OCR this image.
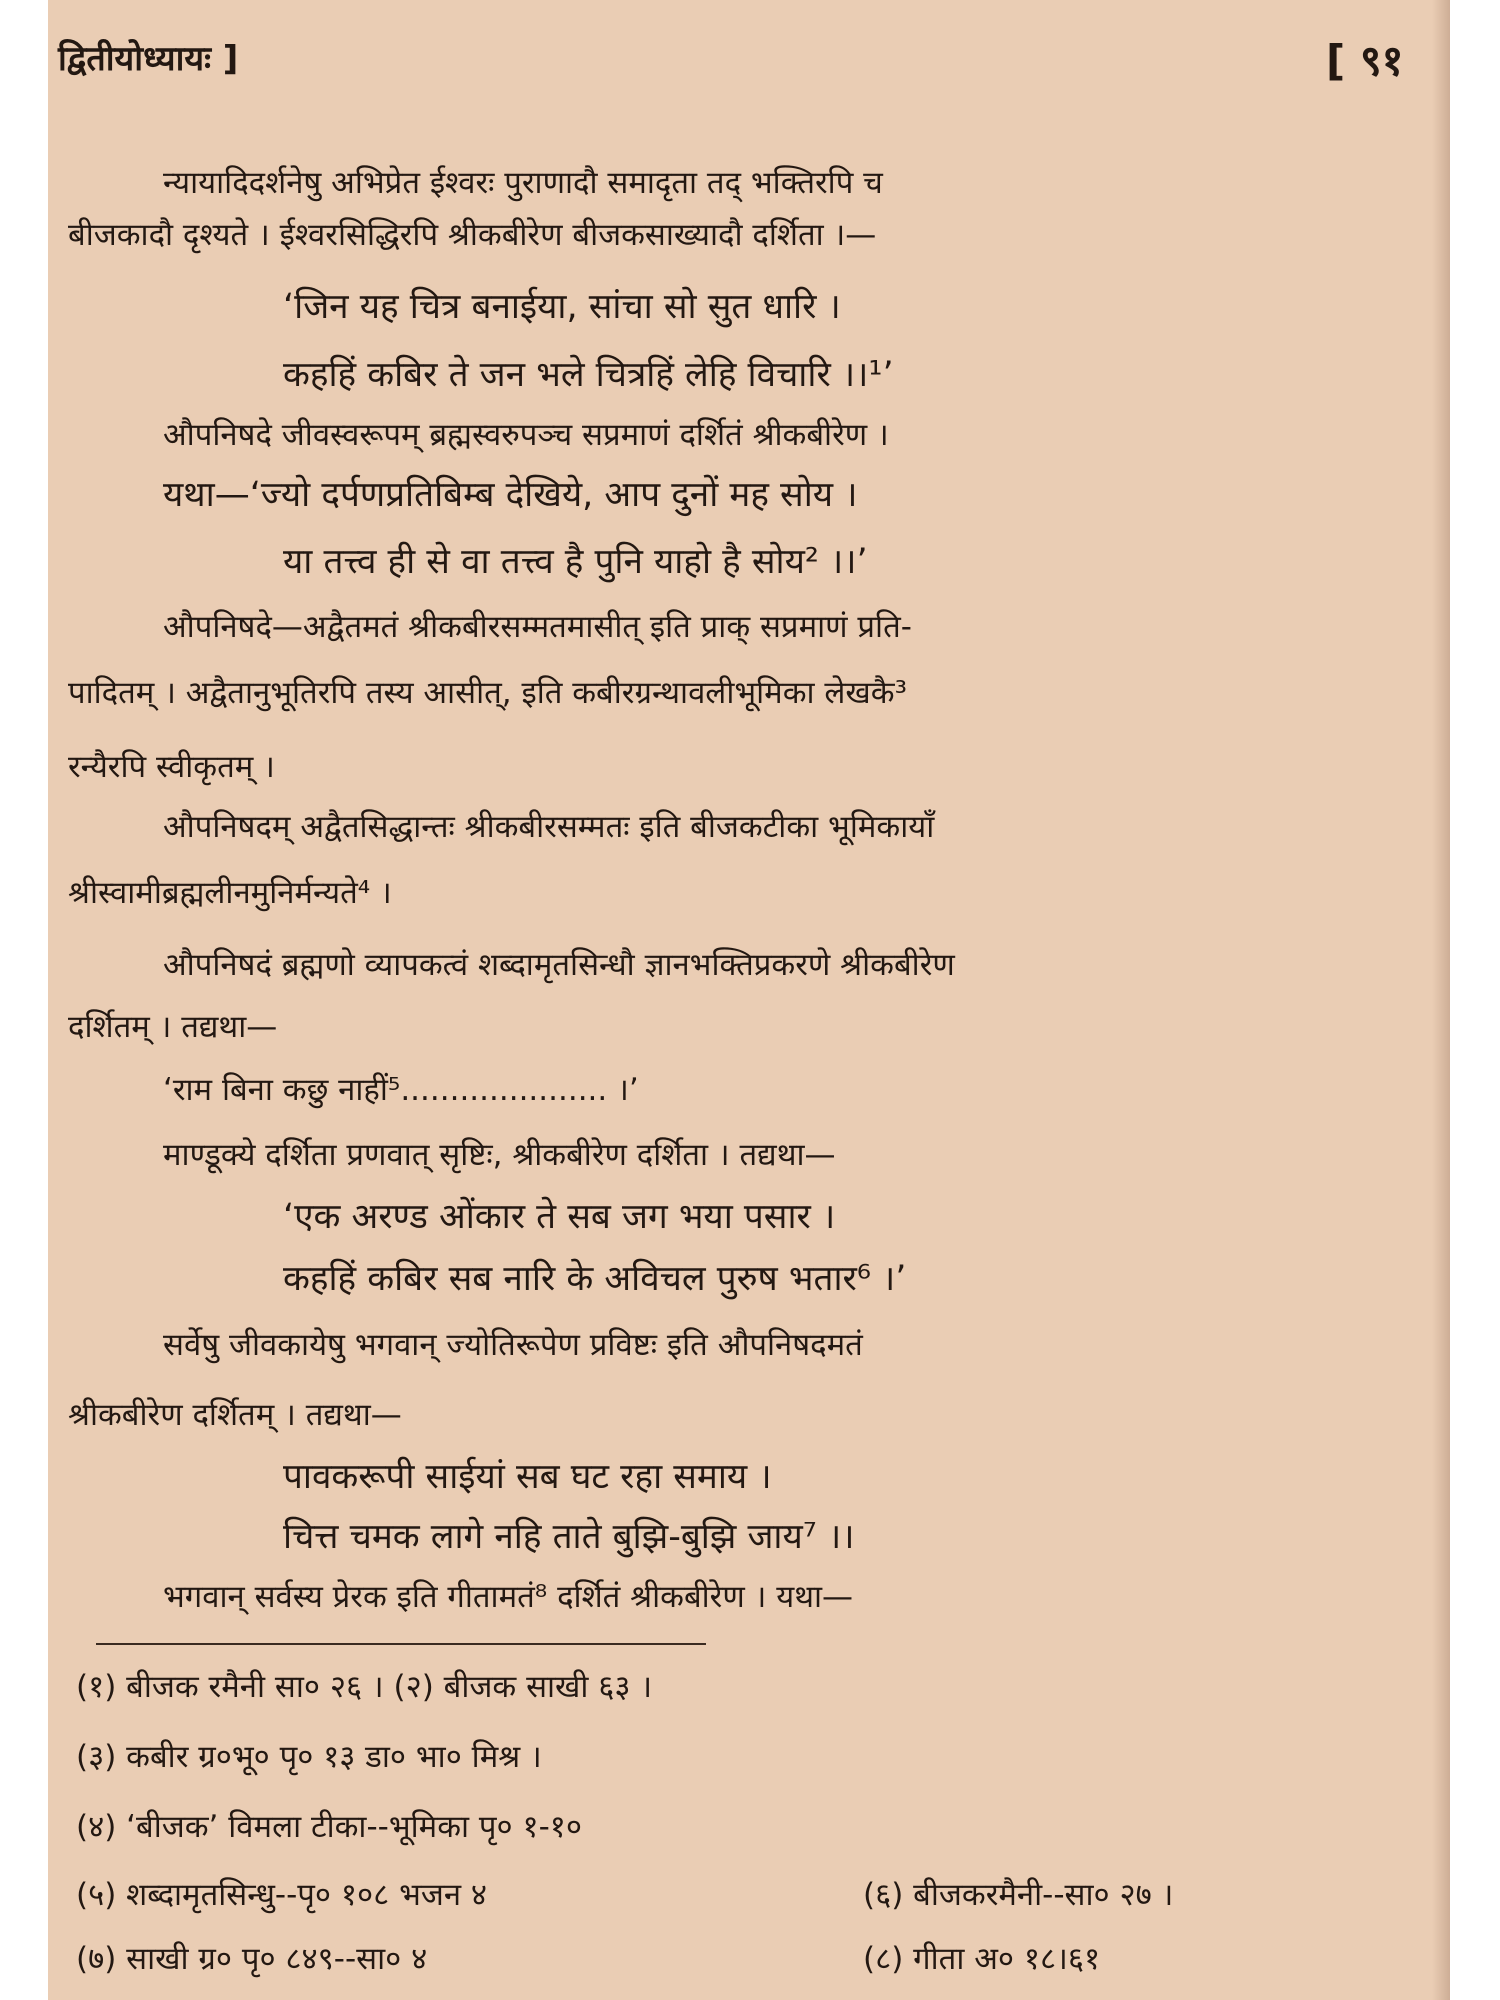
द्वितीयोध्यायः ]	[ ९१
न्यायादिदर्शनेषु अभिप्रेत ईश्वरः पुराणादौ समादृता तद् भक्तिरपि च
बीजकादौ दृश्यते । ईश्वरसिद्धिरपि श्रीकबीरेण बीजकसाख्यादौ दर्शिता ।—
‘जिन यह चित्र बनाईया, सांचा सो सुत धारि ।
कहहिं कबिर ते जन भले चित्रहिं लेहि विचारि ।।¹’
औपनिषदे जीवस्वरूपम् ब्रह्मस्वरुपञ्च सप्रमाणं दर्शितं श्रीकबीरेण ।
यथा—‘ज्यो दर्पणप्रतिबिम्ब देखिये, आप दुनों मह सोय ।
या तत्त्व ही से वा तत्त्व है पुनि याहो है सोय² ।।’
औपनिषदे—अद्वैतमतं श्रीकबीरसम्मतमासीत् इति प्राक् सप्रमाणं प्रति-
पादितम् । अद्वैतानुभूतिरपि तस्य आसीत्, इति कबीरग्रन्थावलीभूमिका लेखकै³
रन्यैरपि स्वीकृतम् ।
औपनिषदम् अद्वैतसिद्धान्तः श्रीकबीरसम्मतः इति बीजकटीका भूमिकायाँ
श्रीस्वामीब्रह्मलीनमुनिर्मन्यते⁴ ।
औपनिषदं ब्रह्मणो व्यापकत्वं शब्दामृतसिन्धौ ज्ञानभक्तिप्रकरणे श्रीकबीरेण
दर्शितम् । तद्यथा—
‘राम बिना कछु नाहीं⁵..................... ।’
माण्डूक्ये दर्शिता प्रणवात् सृष्टिः, श्रीकबीरेण दर्शिता । तद्यथा—
‘एक अरण्ड ओंकार ते सब जग भया पसार ।
कहहिं कबिर सब नारि के अविचल पुरुष भतार⁶ ।’
सर्वेषु जीवकायेषु भगवान् ज्योतिरूपेण प्रविष्टः इति औपनिषदमतं
श्रीकबीरेण दर्शितम् । तद्यथा—
पावकरूपी साईयां सब घट रहा समाय ।
चित्त चमक लागे नहि ताते बुझि-बुझि जाय⁷ ।।
भगवान् सर्वस्य प्रेरक इति गीतामतं⁸ दर्शितं श्रीकबीरेण । यथा—
(१) बीजक रमैनी सा० २६ । (२) बीजक साखी ६३ ।
(३) कबीर ग्र०भू० पृ० १३ डा० भा० मिश्र ।
(४) ‘बीजक’ विमला टीका--भूमिका पृ० १-१०
(५) शब्दामृतसिन्धु--पृ० १०८ भजन ४	(६) बीजकरमैनी--सा० २७ ।
(७) साखी ग्र० पृ० ८४९--सा० ४	(८) गीता अ० १८।६१
